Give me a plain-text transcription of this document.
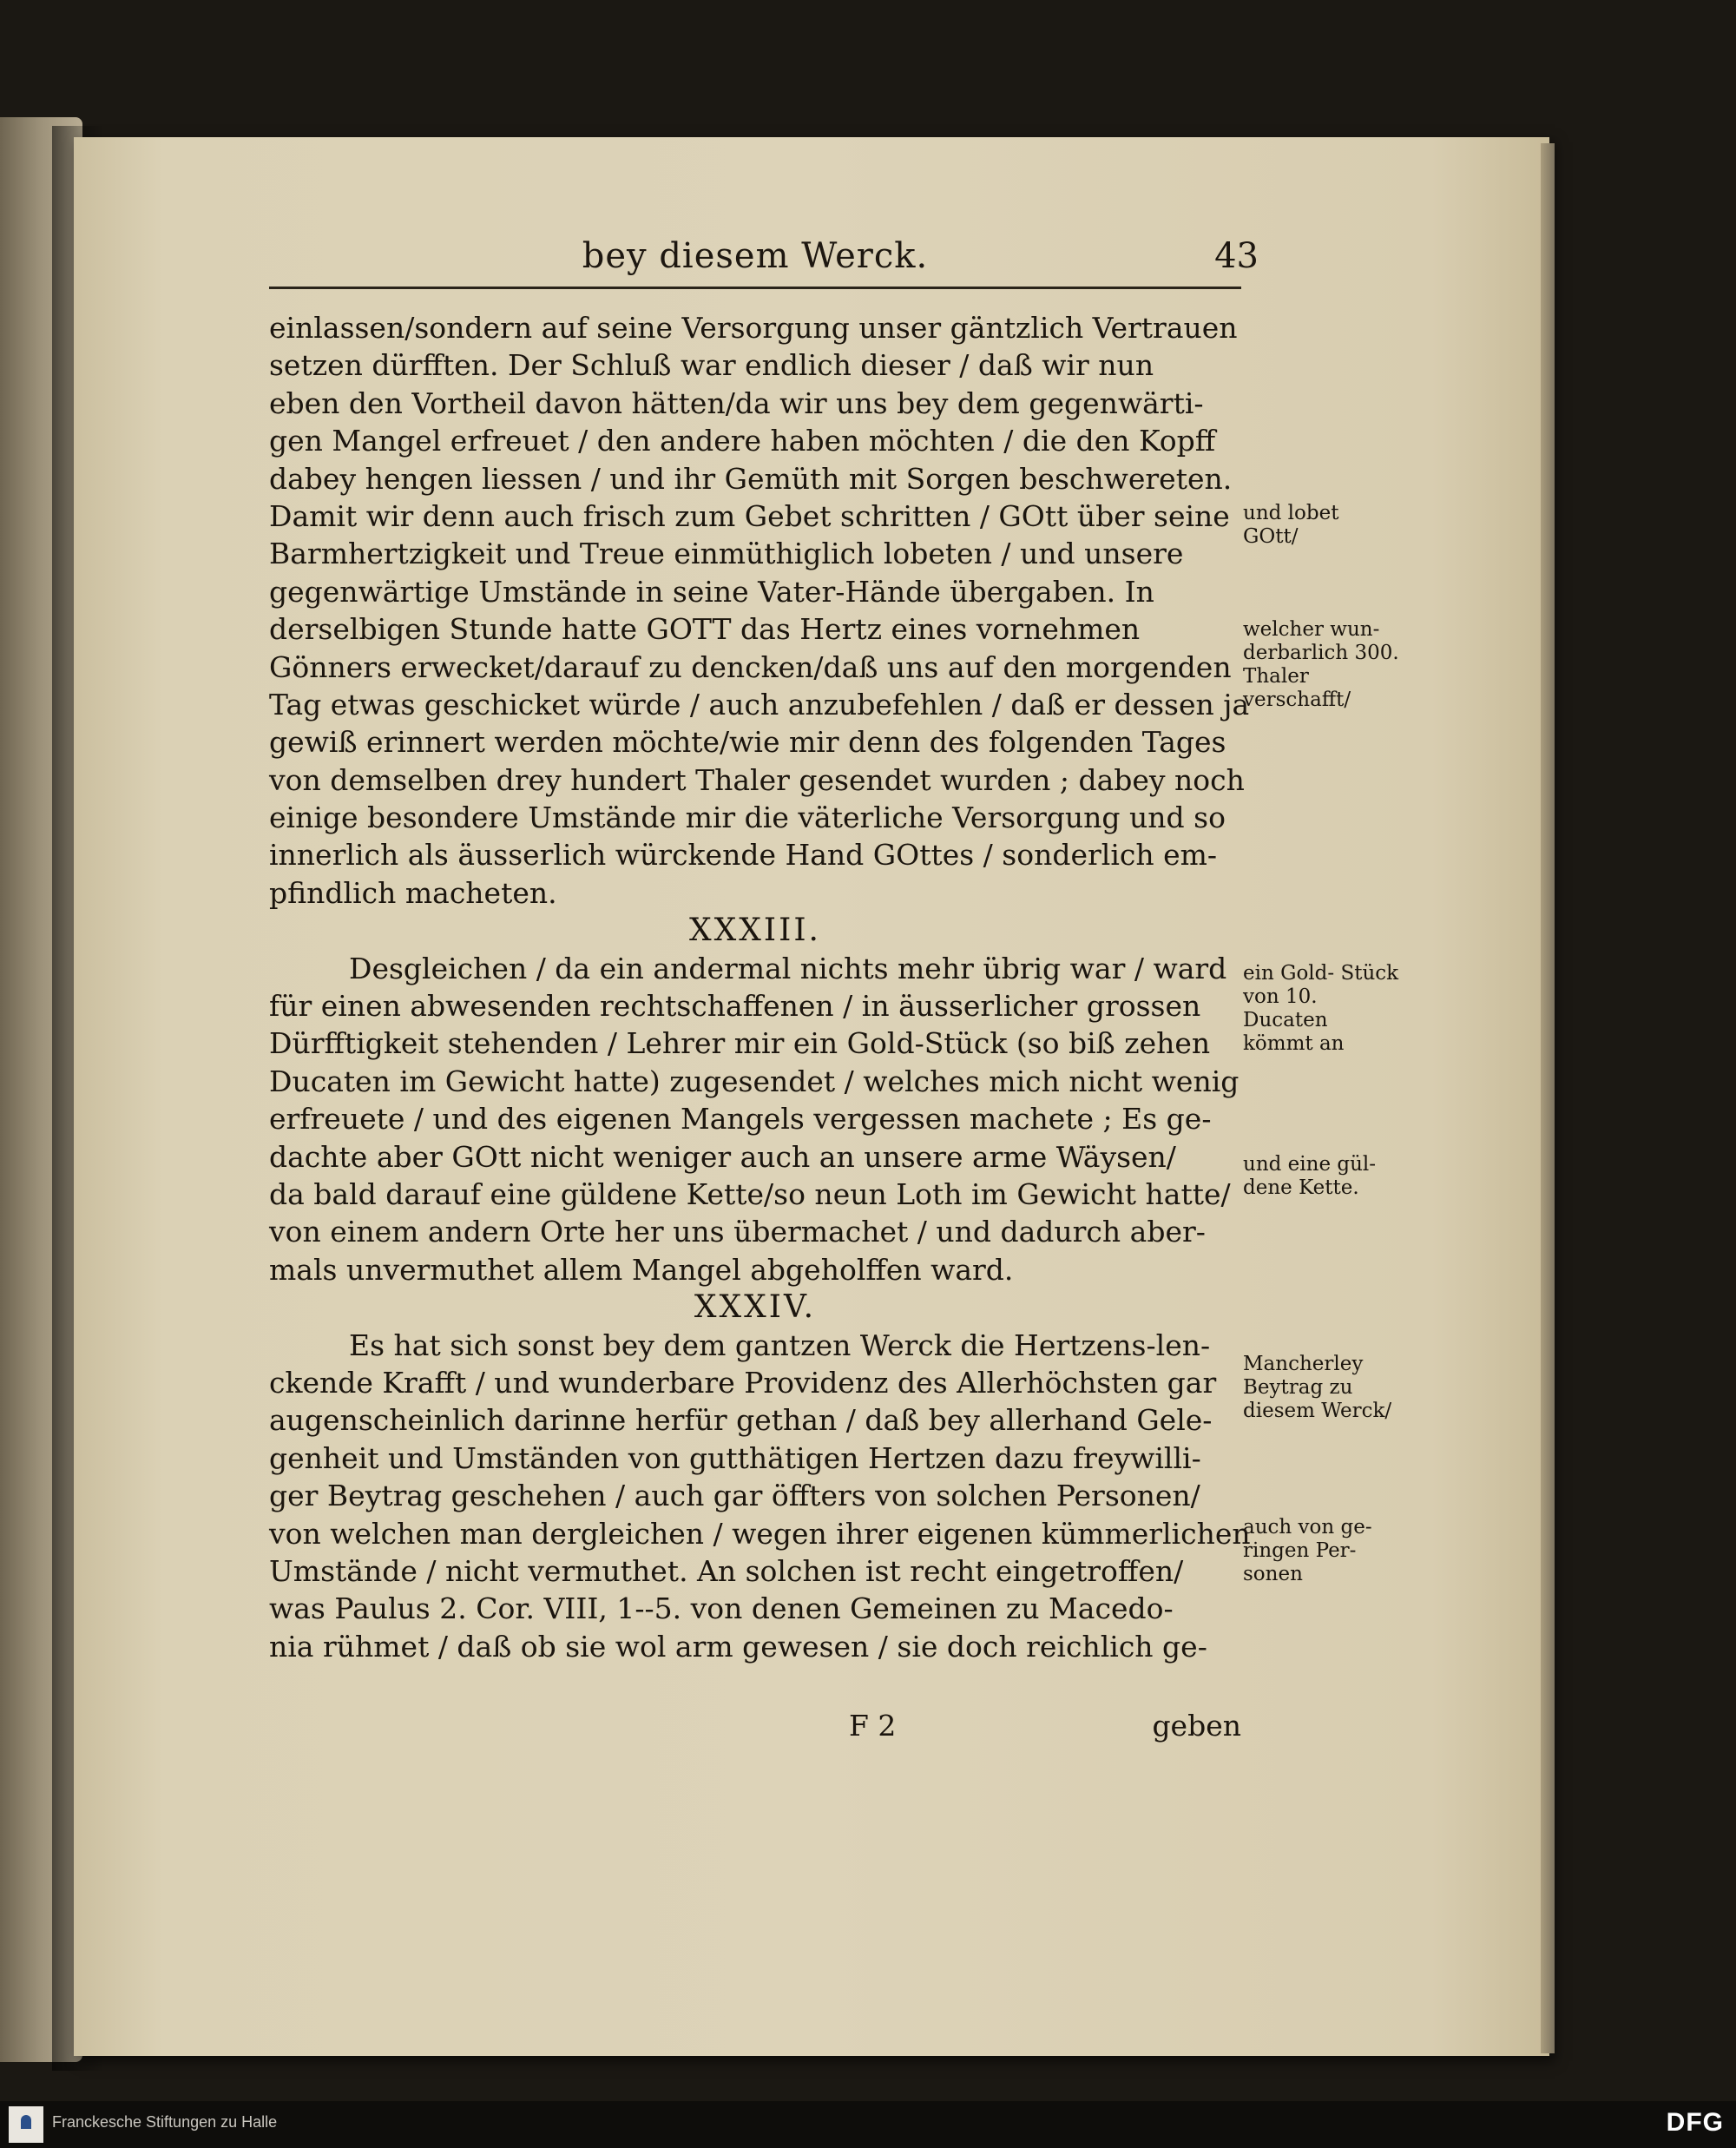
bey diesem Werck.	43
einlassen/sondern auf seine Versorgung unser gäntzlich Vertrauen
setzen dürfften. Der Schluß war endlich dieser / daß wir nun
eben den Vortheil davon hätten/da wir uns bey dem gegenwärti-
gen Mangel erfreuet / den andere haben möchten / die den Kopff
dabey hengen liessen / und ihr Gemüth mit Sorgen beschwereten.
Damit wir denn auch frisch zum Gebet schritten / GOtt über seine
Barmhertzigkeit und Treue einmüthiglich lobeten / und unsere
gegenwärtige Umstände in seine Vater-Hände übergaben. In
derselbigen Stunde hatte GOTT das Hertz eines vornehmen
Gönners erwecket/darauf zu dencken/daß uns auf den morgenden
Tag etwas geschicket würde / auch anzubefehlen / daß er dessen ja
gewiß erinnert werden möchte/wie mir denn des folgenden Tages
von demselben drey hundert Thaler gesendet wurden ; dabey noch
einige besondere Umstände mir die väterliche Versorgung und so
innerlich als äusserlich würckende Hand GOttes / sonderlich em-
pfindlich macheten.
XXXIII.
Desgleichen / da ein andermal nichts mehr übrig war / ward
für einen abwesenden rechtschaffenen / in äusserlicher grossen
Dürfftigkeit stehenden / Lehrer mir ein Gold-Stück (so biß zehen
Ducaten im Gewicht hatte) zugesendet / welches mich nicht wenig
erfreuete / und des eigenen Mangels vergessen machete ; Es ge-
dachte aber GOtt nicht weniger auch an unsere arme Wäysen/
da bald darauf eine güldene Kette/so neun Loth im Gewicht hatte/
von einem andern Orte her uns übermachet / und dadurch aber-
mals unvermuthet allem Mangel abgeholffen ward.
XXXIV.
Es hat sich sonst bey dem gantzen Werck die Hertzens-len-
ckende Krafft / und wunderbare Providenz des Allerhöchsten gar
augenscheinlich darinne herfür gethan / daß bey allerhand Gele-
genheit und Umständen von gutthätigen Hertzen dazu freywilli-
ger Beytrag geschehen / auch gar öffters von solchen Personen/
von welchen man dergleichen / wegen ihrer eigenen kümmerlichen
Umstände / nicht vermuthet. An solchen ist recht eingetroffen/
was Paulus 2. Cor. VIII, 1--5. von denen Gemeinen zu Macedo-
nia rühmet / daß ob sie wol arm gewesen / sie doch reichlich ge-
und lobet GOtt/
welcher wun- derbarlich 300. Thaler verschafft/
ein Gold- Stück von 10. Ducaten kömmt an
und eine gül- dene Kette.
Mancherley Beytrag zu diesem Werck/
auch von ge- ringen Per- sonen
F 2	geben
Franckesche Stiftungen zu Halle	DFG
